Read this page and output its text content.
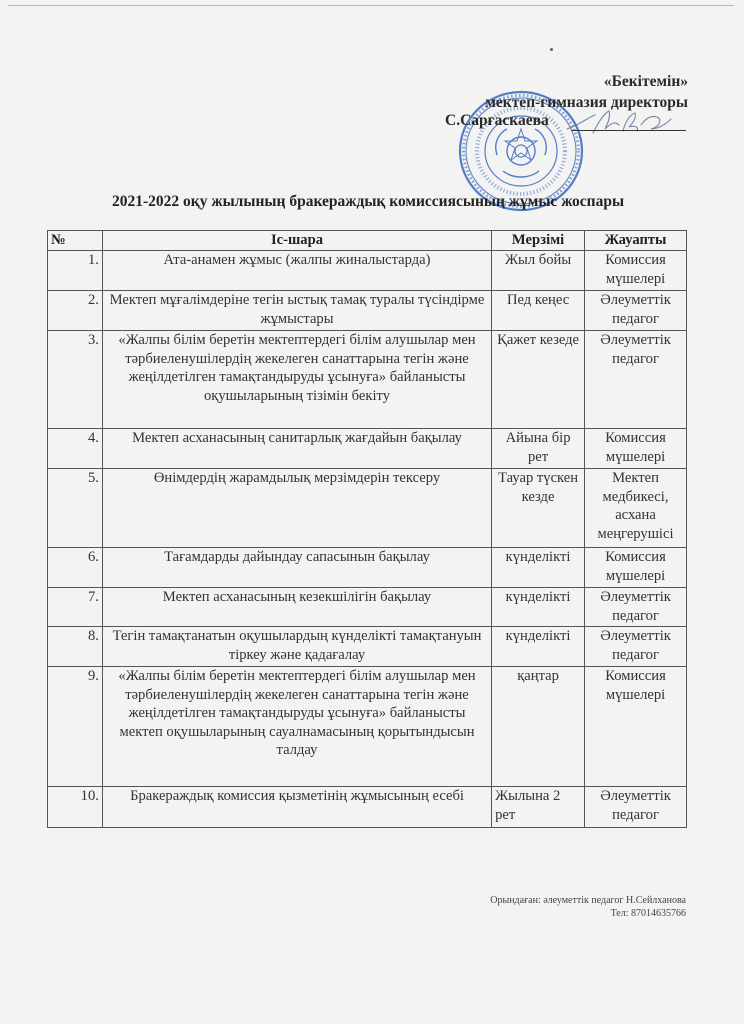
«Бекітемін»
мектеп-гимназия директоры
С.Сарғаскаева
2021-2022 оқу жылының бракераждық комиссиясының жұмыс жоспары
№	Іс-шара	Мерзімі	Жауапты
1.	Ата-анамен жұмыс (жалпы жиналыстарда)	Жыл бойы	Комиссия мүшелері
2.	Мектеп мұғалімдеріне тегін ыстық тамақ туралы түсіндірме жұмыстары	Пед кеңес	Әлеуметтік педагог
3.	«Жалпы білім беретін мектептердегі білім алушылар мен тәрбиеленушілердің жекелеген санаттарына тегін және жеңілдетілген тамақтандыруды ұсынуға» байланысты оқушыларының тізімін бекіту	Қажет кезеде	Әлеуметтік педагог
4.	Мектеп асханасының санитарлық жағдайын бақылау	Айына бір рет	Комиссия мүшелері
5.	Өнімдердің жарамдылық мерзімдерін тексеру	Тауар түскен кезде	Мектеп медбикесі, асхана меңгерушісі
6.	Тағамдарды дайындау сапасынын бақылау	күнделікті	Комиссия мүшелері
7.	Мектеп асханасының кезекшілігін бақылау	күнделікті	Әлеуметтік педагог
8.	Тегін тамақтанатын оқушылардың күнделікті тамақтануын тіркеу және қадағалау	күнделікті	Әлеуметтік педагог
9.	«Жалпы білім беретін мектептердегі білім алушылар мен тәрбиеленушілердің жекелеген санаттарына тегін және жеңілдетілген тамақтандыруды ұсынуға» байланысты мектеп оқушыларының сауалнамасының қорытындысын талдау	қаңтар	Комиссия мүшелері
10.	Бракераждық комиссия қызметінің жұмысының есебі	Жылына 2 рет	Әлеуметтік педагог
Орындаған: әлеуметтік педагог Н.Сейлханова
Тел: 87014635766
